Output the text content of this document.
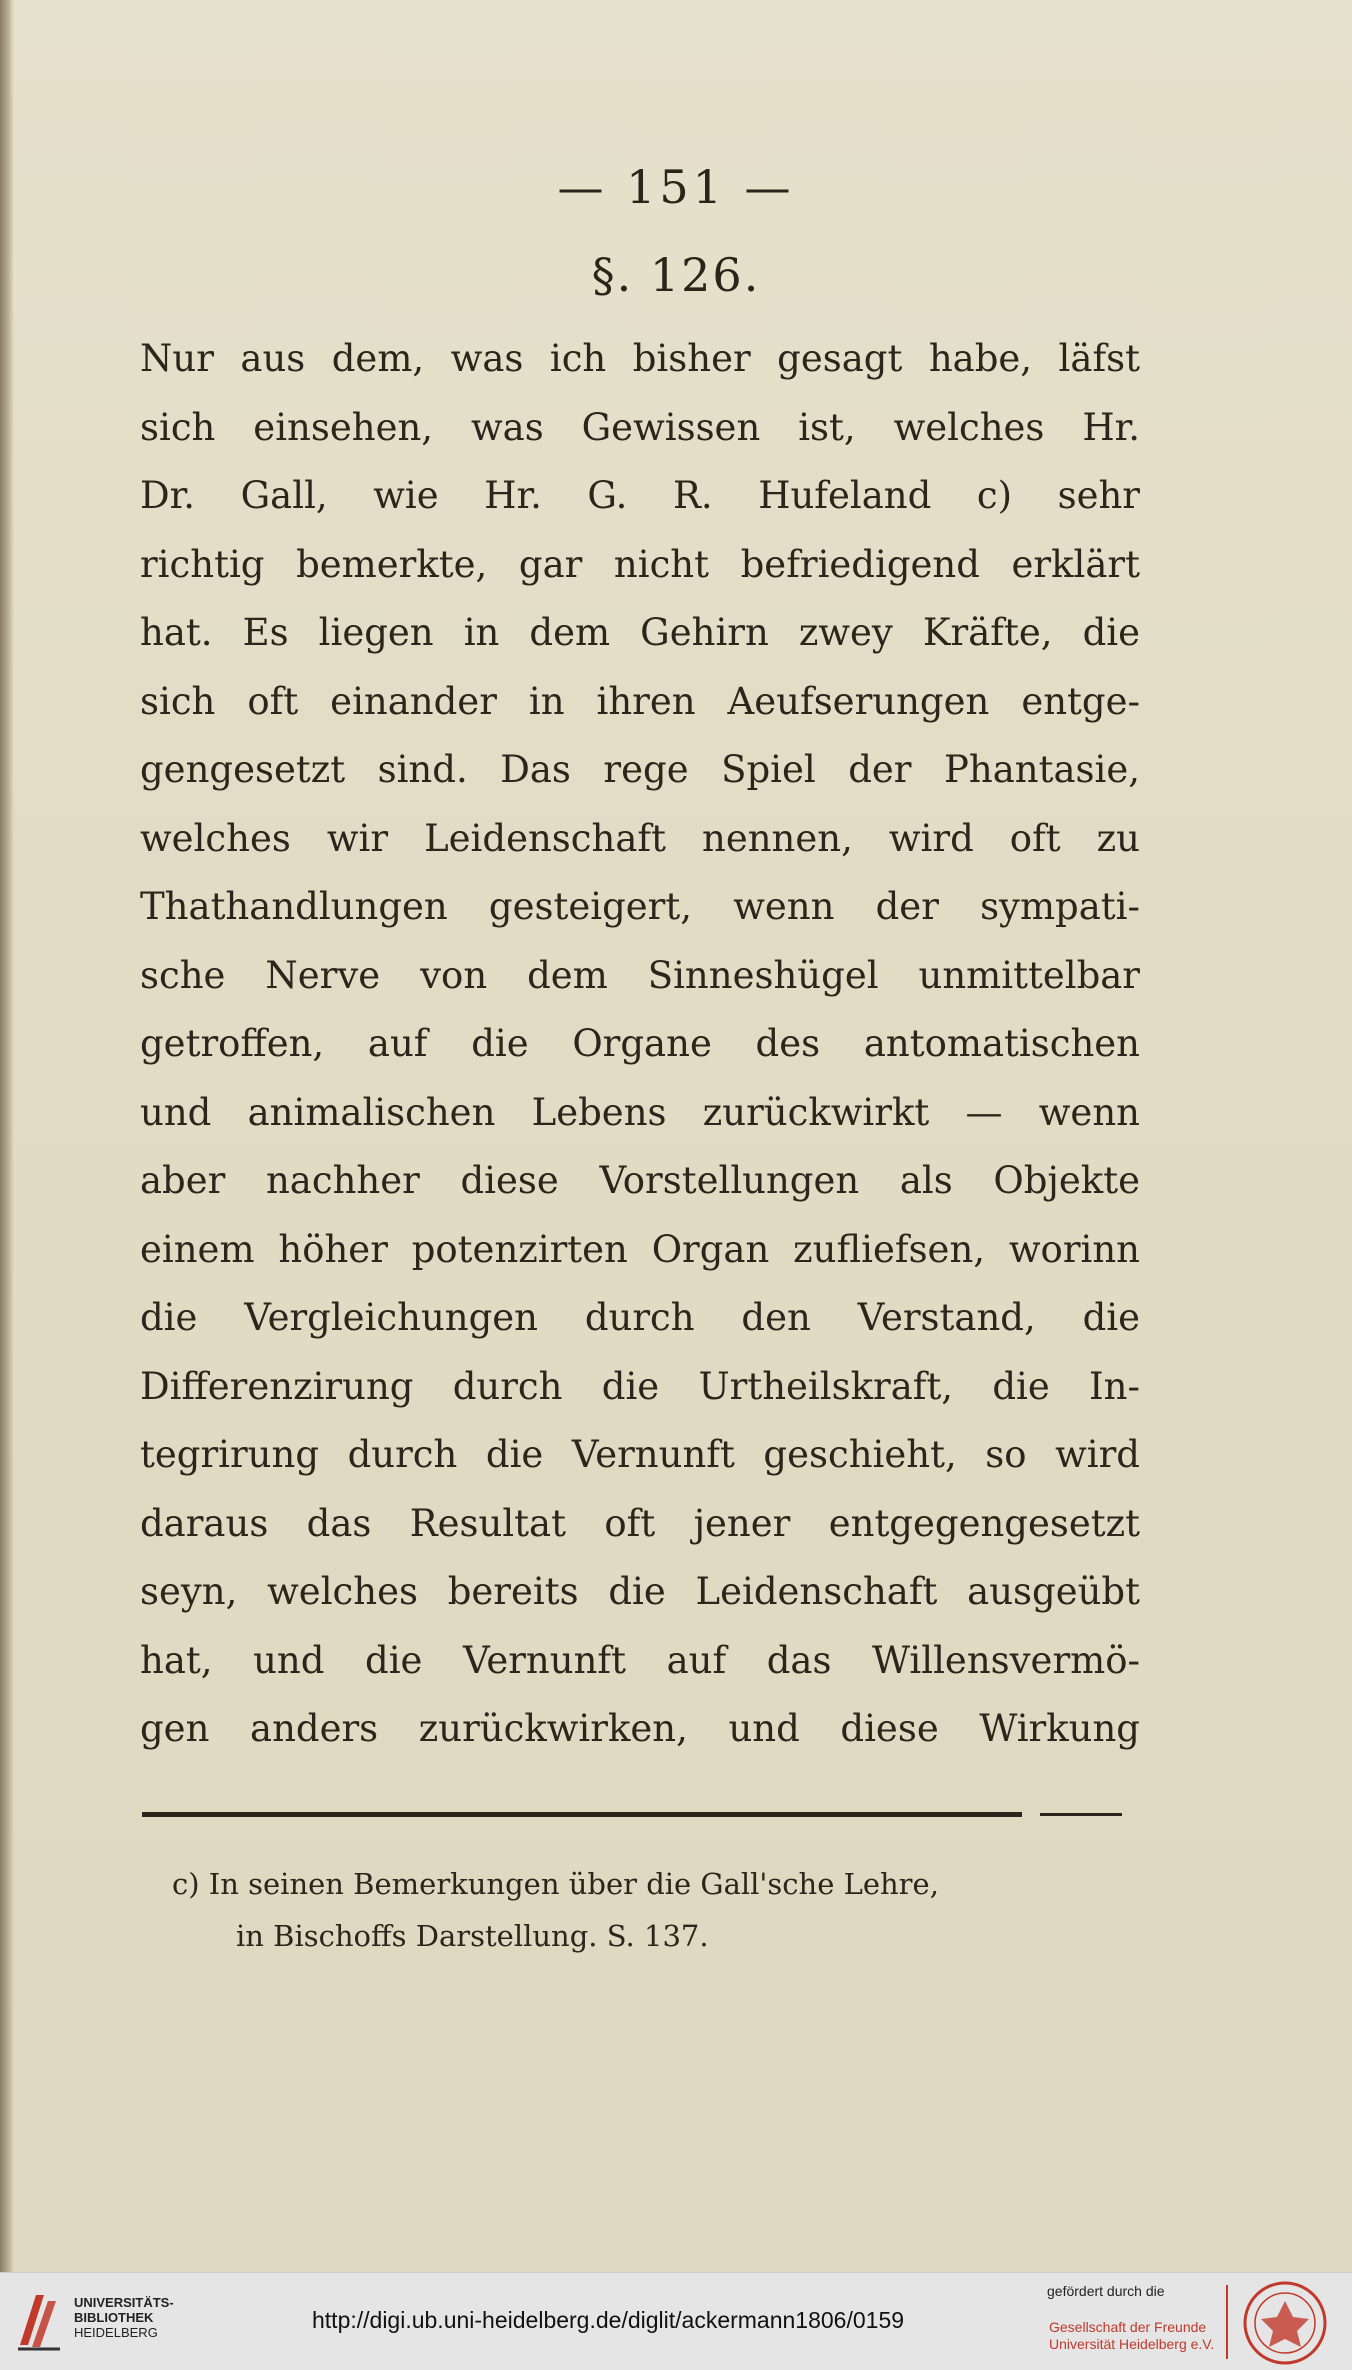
— 151 —
§. 126.
Nur aus dem, was ich bisher gesagt habe, läfst
sich einsehen, was Gewissen ist, welches Hr.
Dr. Gall, wie Hr. G. R. Hufeland c) sehr
richtig bemerkte, gar nicht befriedigend erklärt
hat. Es liegen in dem Gehirn zwey Kräfte, die
sich oft einander in ihren Aeufserungen entge-
gengesetzt sind. Das rege Spiel der Phantasie,
welches wir Leidenschaft nennen, wird oft zu
Thathandlungen gesteigert, wenn der sympati-
sche Nerve von dem Sinneshügel unmittelbar
getroffen, auf die Organe des antomatischen
und animalischen Lebens zurückwirkt — wenn
aber nachher diese Vorstellungen als Objekte
einem höher potenzirten Organ zufliefsen, worinn
die Vergleichungen durch den Verstand, die
Differenzirung durch die Urtheilskraft, die In-
tegrirung durch die Vernunft geschieht, so wird
daraus das Resultat oft jener entgegengesetzt
seyn, welches bereits die Leidenschaft ausgeübt
hat, und die Vernunft auf das Willensvermö-
gen anders zurückwirken, und diese Wirkung
c) In seinen Bemerkungen über die Gall'sche Lehre,
in Bischoffs Darstellung. S. 137.
UNIVERSITÄTS-
BIBLIOTHEK
HEIDELBERG	http://digi.ub.uni-heidelberg.de/diglit/ackermann1806/0159
gefördert durch die
Gesellschaft der Freunde
Universität Heidelberg e.V.
